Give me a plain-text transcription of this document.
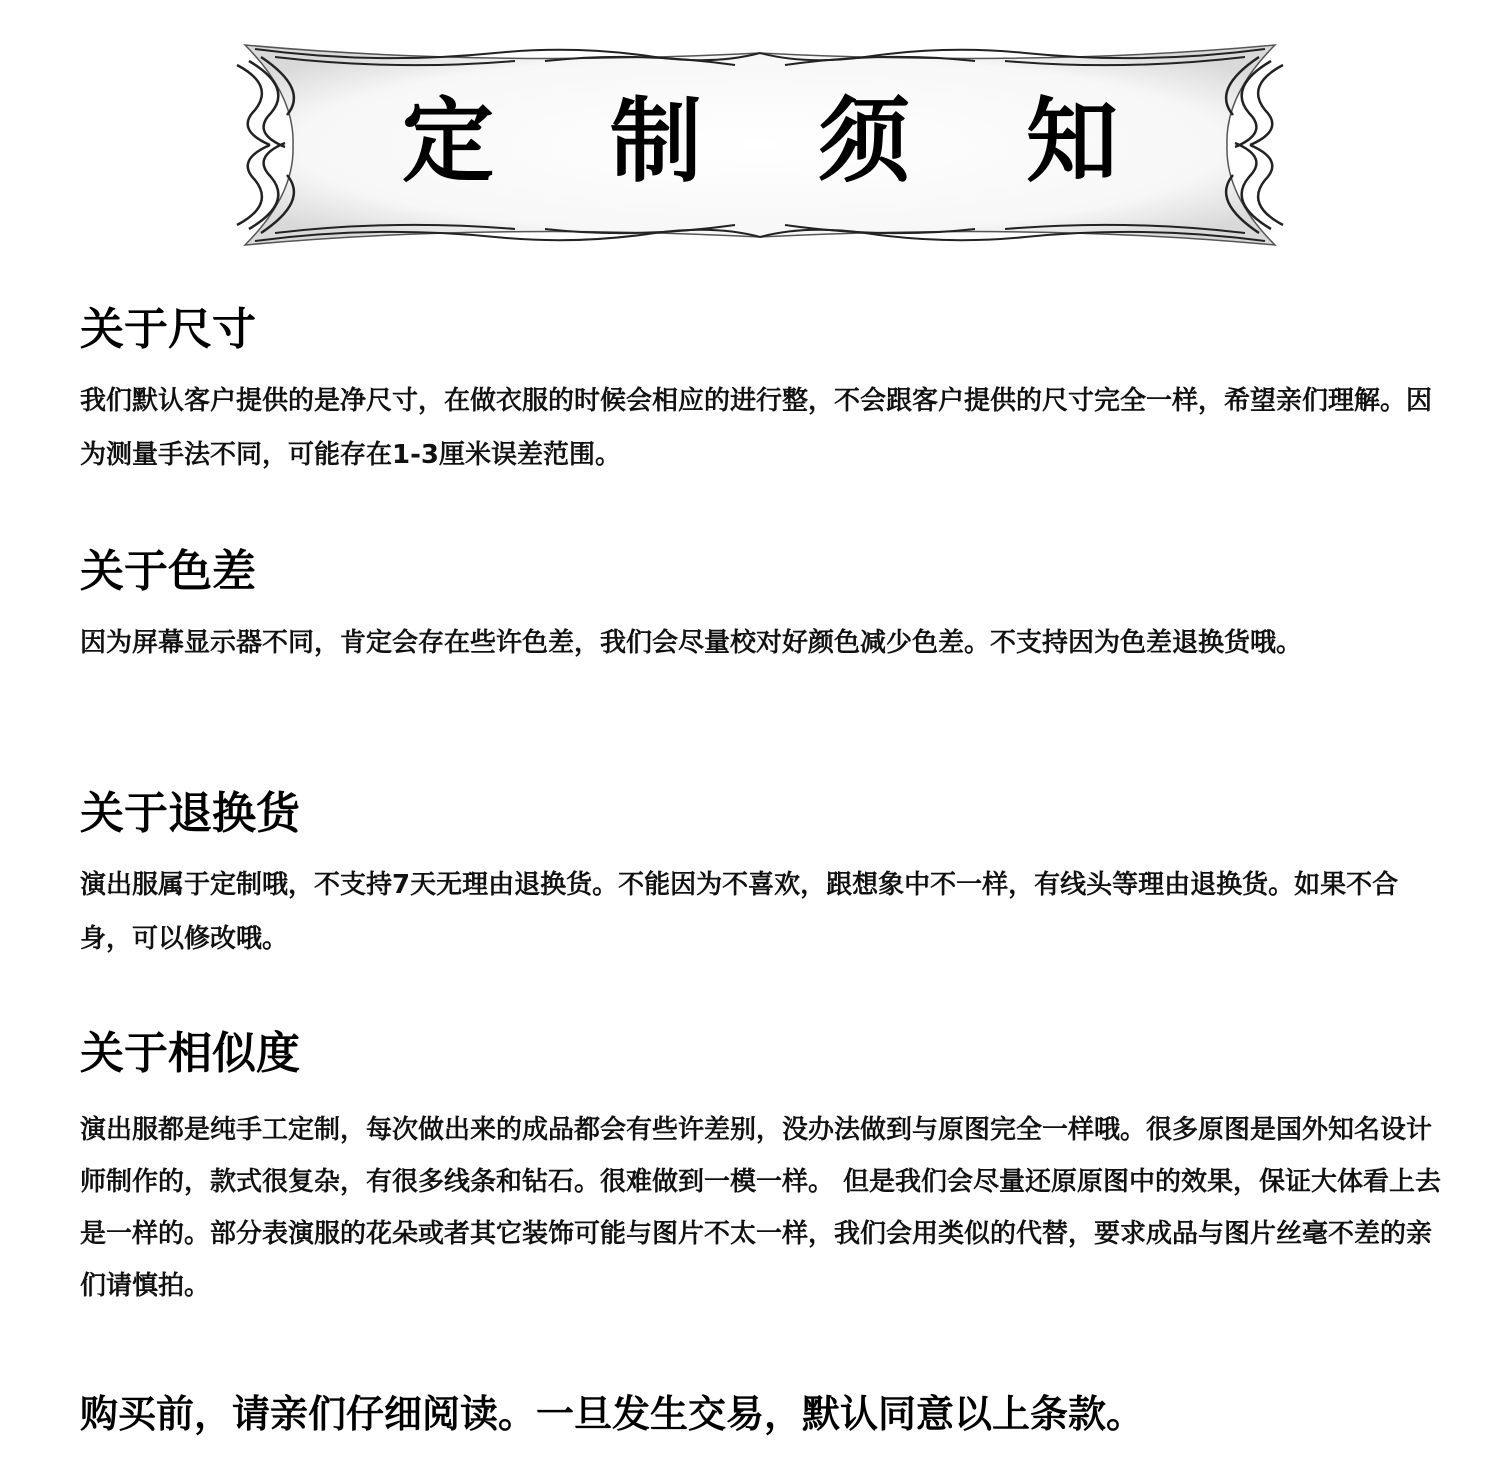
定 制 须 知
关于尺寸

我们默认客户提供的是净尺寸，在做衣服的时候会相应的进行整，不会跟客户提供的尺寸完全一样，希望亲们理解。因为测量手法不同，可能存在1-3厘米误差范围。

关于色差

因为屏幕显示器不同，肯定会存在些许色差，我们会尽量校对好颜色减少色差。不支持因为色差退换货哦。

关于退换货

演出服属于定制哦，不支持7天无理由退换货。不能因为不喜欢，跟想象中不一样，有线头等理由退换货。如果不合身，可以修改哦。

关于相似度

演出服都是纯手工定制，每次做出来的成品都会有些许差别，没办法做到与原图完全一样哦。很多原图是国外知名设计师制作的，款式很复杂，有很多线条和钻石。很难做到一模一样。 但是我们会尽量还原原图中的效果，保证大体看上去是一样的。部分表演服的花朵或者其它装饰可能与图片不太一样，我们会用类似的代替，要求成品与图片丝毫不差的亲们请慎拍。

购买前，请亲们仔细阅读。一旦发生交易，默认同意以上条款。
